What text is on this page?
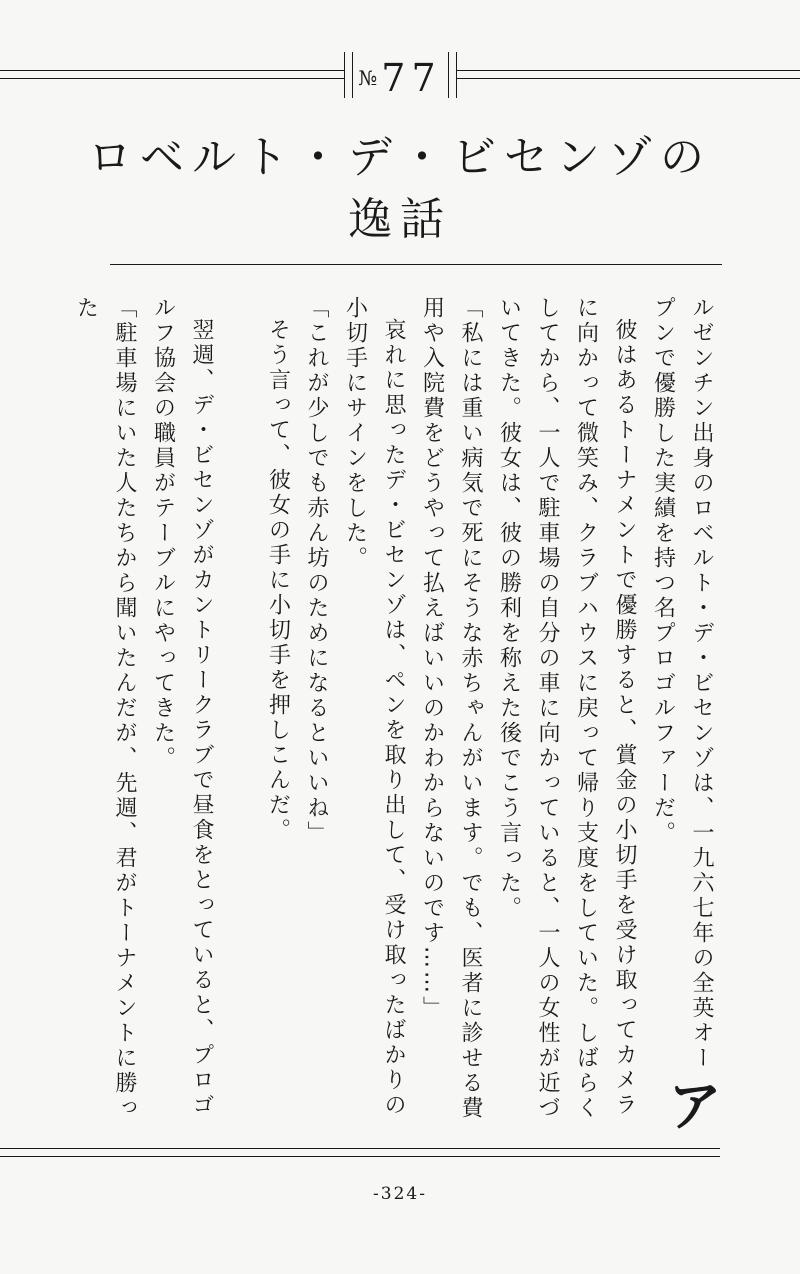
№ 77
ロベルト・デ・ビセンゾの
逸話

ア
ルゼンチン出身のロベルト・デ・ビセンゾは、一九六七年の全英オープンで優勝した実績を持つ名プロゴルファーだ。

彼はあるトーナメントで優勝すると、賞金の小切手を受け取ってカメラに向かって微笑み、クラブハウスに戻って帰り支度をしていた。しばらくしてから、一人で駐車場の自分の車に向かっていると、一人の女性が近づいてきた。彼女は、彼の勝利を称えた後でこう言った。

「私には重い病気で死にそうな赤ちゃんがいます。でも、医者に診せる費用や入院費をどうやって払えばいいのかわからないのです……」

哀れに思ったデ・ビセンゾは、ペンを取り出して、受け取ったばかりの小切手にサインをした。

「これが少しでも赤ん坊のためになるといいね」

そう言って、彼女の手に小切手を押しこんだ。

翌週、デ・ビセンゾがカントリークラブで昼食をとっていると、プロゴルフ協会の職員がテーブルにやってきた。

「駐車場にいた人たちから聞いたんだが、先週、君がトーナメントに勝った

-324-
